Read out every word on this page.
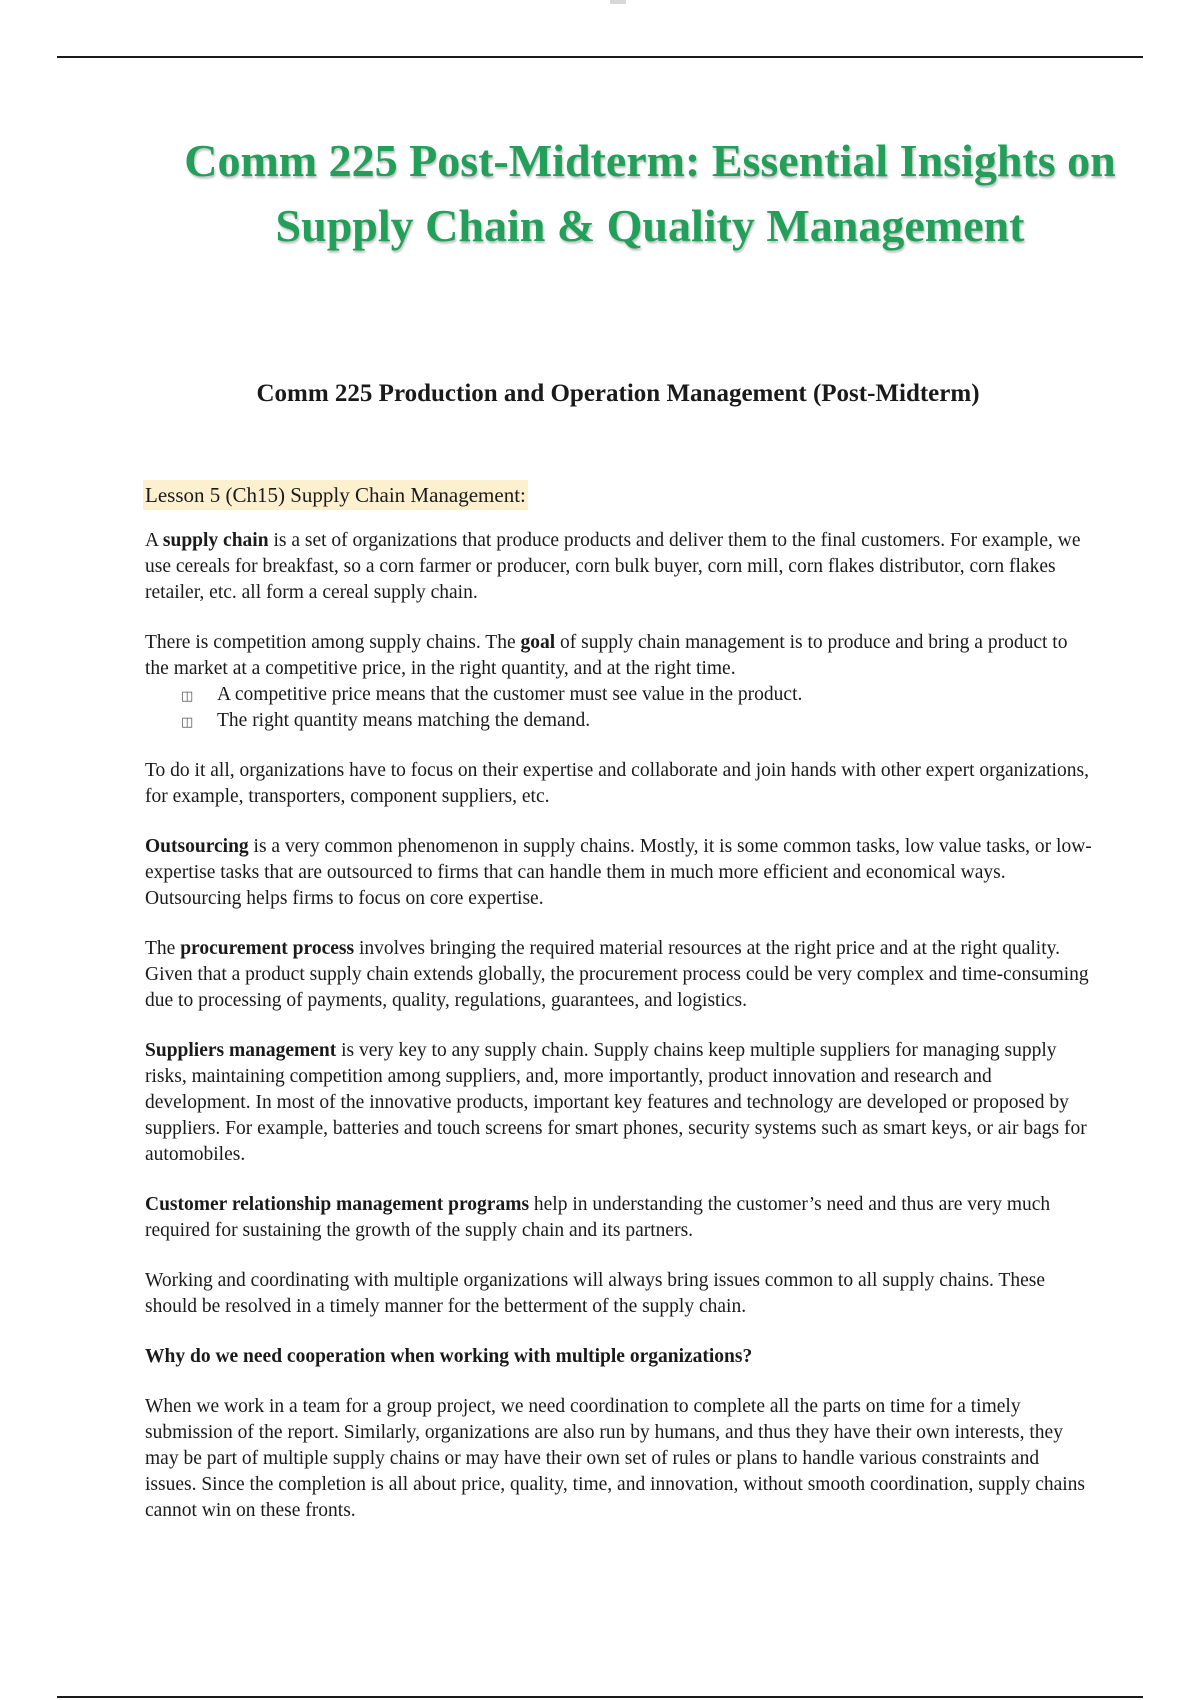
Comm 225 Post-Midterm: Essential Insights on
Supply Chain & Quality Management
Comm 225 Production and Operation Management (Post-Midterm)
Lesson 5 (Ch15) Supply Chain Management:

A supply chain is a set of organizations that produce products and deliver them to the final customers. For example, we use cereals for breakfast, so a corn farmer or producer, corn bulk buyer, corn mill, corn flakes distributor, corn flakes retailer, etc. all form a cereal supply chain.

There is competition among supply chains. The goal of supply chain management is to produce and bring a product to the market at a competitive price, in the right quantity, and at the right time.

◫ A competitive price means that the customer must see value in the product.
◫ The right quantity means matching the demand.

To do it all, organizations have to focus on their expertise and collaborate and join hands with other expert organizations, for example, transporters, component suppliers, etc.

Outsourcing is a very common phenomenon in supply chains. Mostly, it is some common tasks, low value tasks, or low-expertise tasks that are outsourced to firms that can handle them in much more efficient and economical ways. Outsourcing helps firms to focus on core expertise.

The procurement process involves bringing the required material resources at the right price and at the right quality. Given that a product supply chain extends globally, the procurement process could be very complex and time-consuming due to processing of payments, quality, regulations, guarantees, and logistics.

Suppliers management is very key to any supply chain. Supply chains keep multiple suppliers for managing supply risks, maintaining competition among suppliers, and, more importantly, product innovation and research and development. In most of the innovative products, important key features and technology are developed or proposed by suppliers. For example, batteries and touch screens for smart phones, security systems such as smart keys, or air bags for automobiles.

Customer relationship management programs help in understanding the customer’s need and thus are very much required for sustaining the growth of the supply chain and its partners.

Working and coordinating with multiple organizations will always bring issues common to all supply chains. These should be resolved in a timely manner for the betterment of the supply chain.

Why do we need cooperation when working with multiple organizations?

When we work in a team for a group project, we need coordination to complete all the parts on time for a timely submission of the report. Similarly, organizations are also run by humans, and thus they have their own interests, they may be part of multiple supply chains or may have their own set of rules or plans to handle various constraints and issues. Since the completion is all about price, quality, time, and innovation, without smooth coordination, supply chains cannot win on these fronts.
